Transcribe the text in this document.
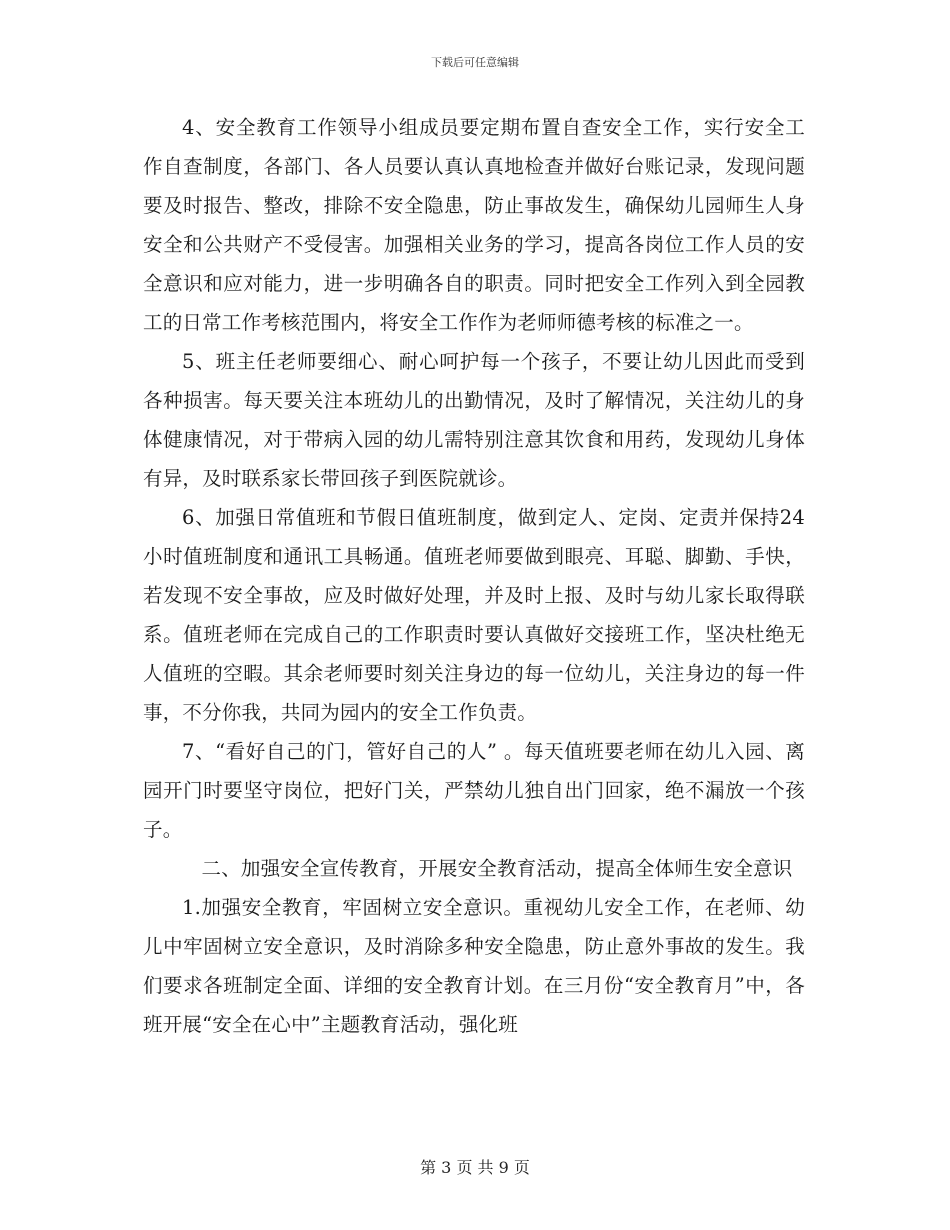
下载后可任意编辑

4、安全教育工作领导小组成员要定期布置自查安全工作，实行安全工作自查制度，各部门、各人员要认真认真地检查并做好台账记录，发现问题要及时报告、整改，排除不安全隐患，防止事故发生，确保幼儿园师生人身安全和公共财产不受侵害。加强相关业务的学习，提高各岗位工作人员的安全意识和应对能力，进一步明确各自的职责。同时把安全工作列入到全园教工的日常工作考核范围内，将安全工作作为老师师德考核的标准之一。

5、班主任老师要细心、耐心呵护每一个孩子，不要让幼儿因此而受到各种损害。每天要关注本班幼儿的出勤情况，及时了解情况，关注幼儿的身体健康情况，对于带病入园的幼儿需特别注意其饮食和用药，发现幼儿身体有异，及时联系家长带回孩子到医院就诊。

6、加强日常值班和节假日值班制度，做到定人、定岗、定责并保持24小时值班制度和通讯工具畅通。值班老师要做到眼亮、耳聪、脚勤、手快，若发现不安全事故，应及时做好处理，并及时上报、及时与幼儿家长取得联系。值班老师在完成自己的工作职责时要认真做好交接班工作，坚决杜绝无人值班的空暇。其余老师要时刻关注身边的每一位幼儿，关注身边的每一件事，不分你我，共同为园内的安全工作负责。

7、“看好自己的门，管好自己的人” 。每天值班要老师在幼儿入园、离园开门时要坚守岗位，把好门关，严禁幼儿独自出门回家，绝不漏放一个孩子。

二、加强安全宣传教育，开展安全教育活动，提高全体师生安全意识

1.加强安全教育，牢固树立安全意识。重视幼儿安全工作，在老师、幼儿中牢固树立安全意识，及时消除多种安全隐患，防止意外事故的发生。我们要求各班制定全面、详细的安全教育计划。在三月份“安全教育月”中，各班开展“安全在心中”主题教育活动，强化班

第 3 页 共 9 页
